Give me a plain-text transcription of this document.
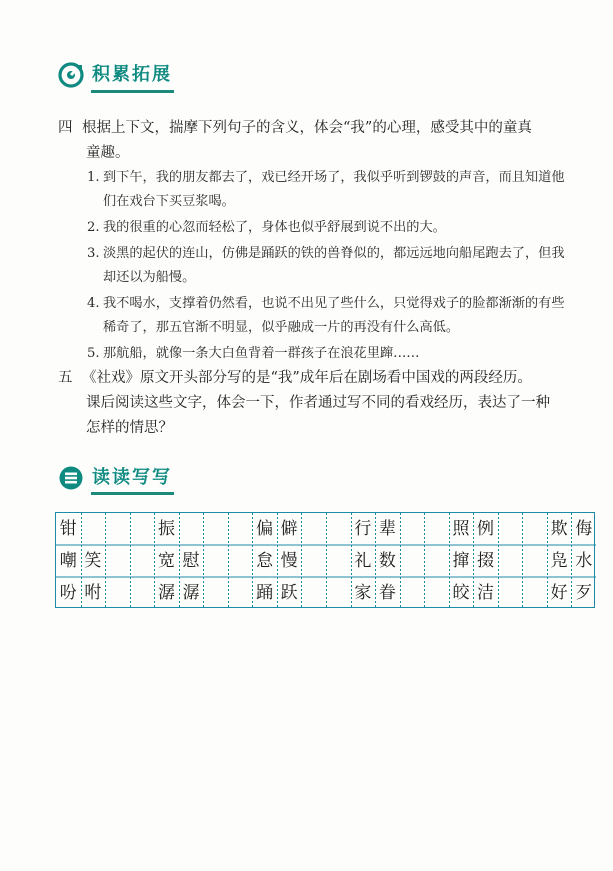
积累拓展
四 根据上下文，揣摩下列句子的含义，体会“我”的心理，感受其中的童真
童趣。
1. 到下午，我的朋友都去了，戏已经开场了，我似乎听到锣鼓的声音，而且知道他
们在戏台下买豆浆喝。
2. 我的很重的心忽而轻松了，身体也似乎舒展到说不出的大。
3. 淡黑的起伏的连山，仿佛是踊跃的铁的兽脊似的，都远远地向船尾跑去了，但我
却还以为船慢。
4. 我不喝水，支撑着仍然看，也说不出见了些什么，只觉得戏子的脸都渐渐的有些
稀奇了，那五官渐不明显，似乎融成一片的再没有什么高低。
5. 那航船，就像一条大白鱼背着一群孩子在浪花里蹿……
五 《社戏》原文开头部分写的是“我”成年后在剧场看中国戏的两段经历。
课后阅读这些文字，体会一下，作者通过写不同的看戏经历，表达了一种
怎样的情思？
读读写写
钳	振	偏 僻	行 辈	照 例	欺 侮
嘲 笑	宽 慰	怠 慢	礼 数	撺 掇	凫 水
吩 咐	潺 潺	踊 跃	家 眷	皎 洁	好 歹
